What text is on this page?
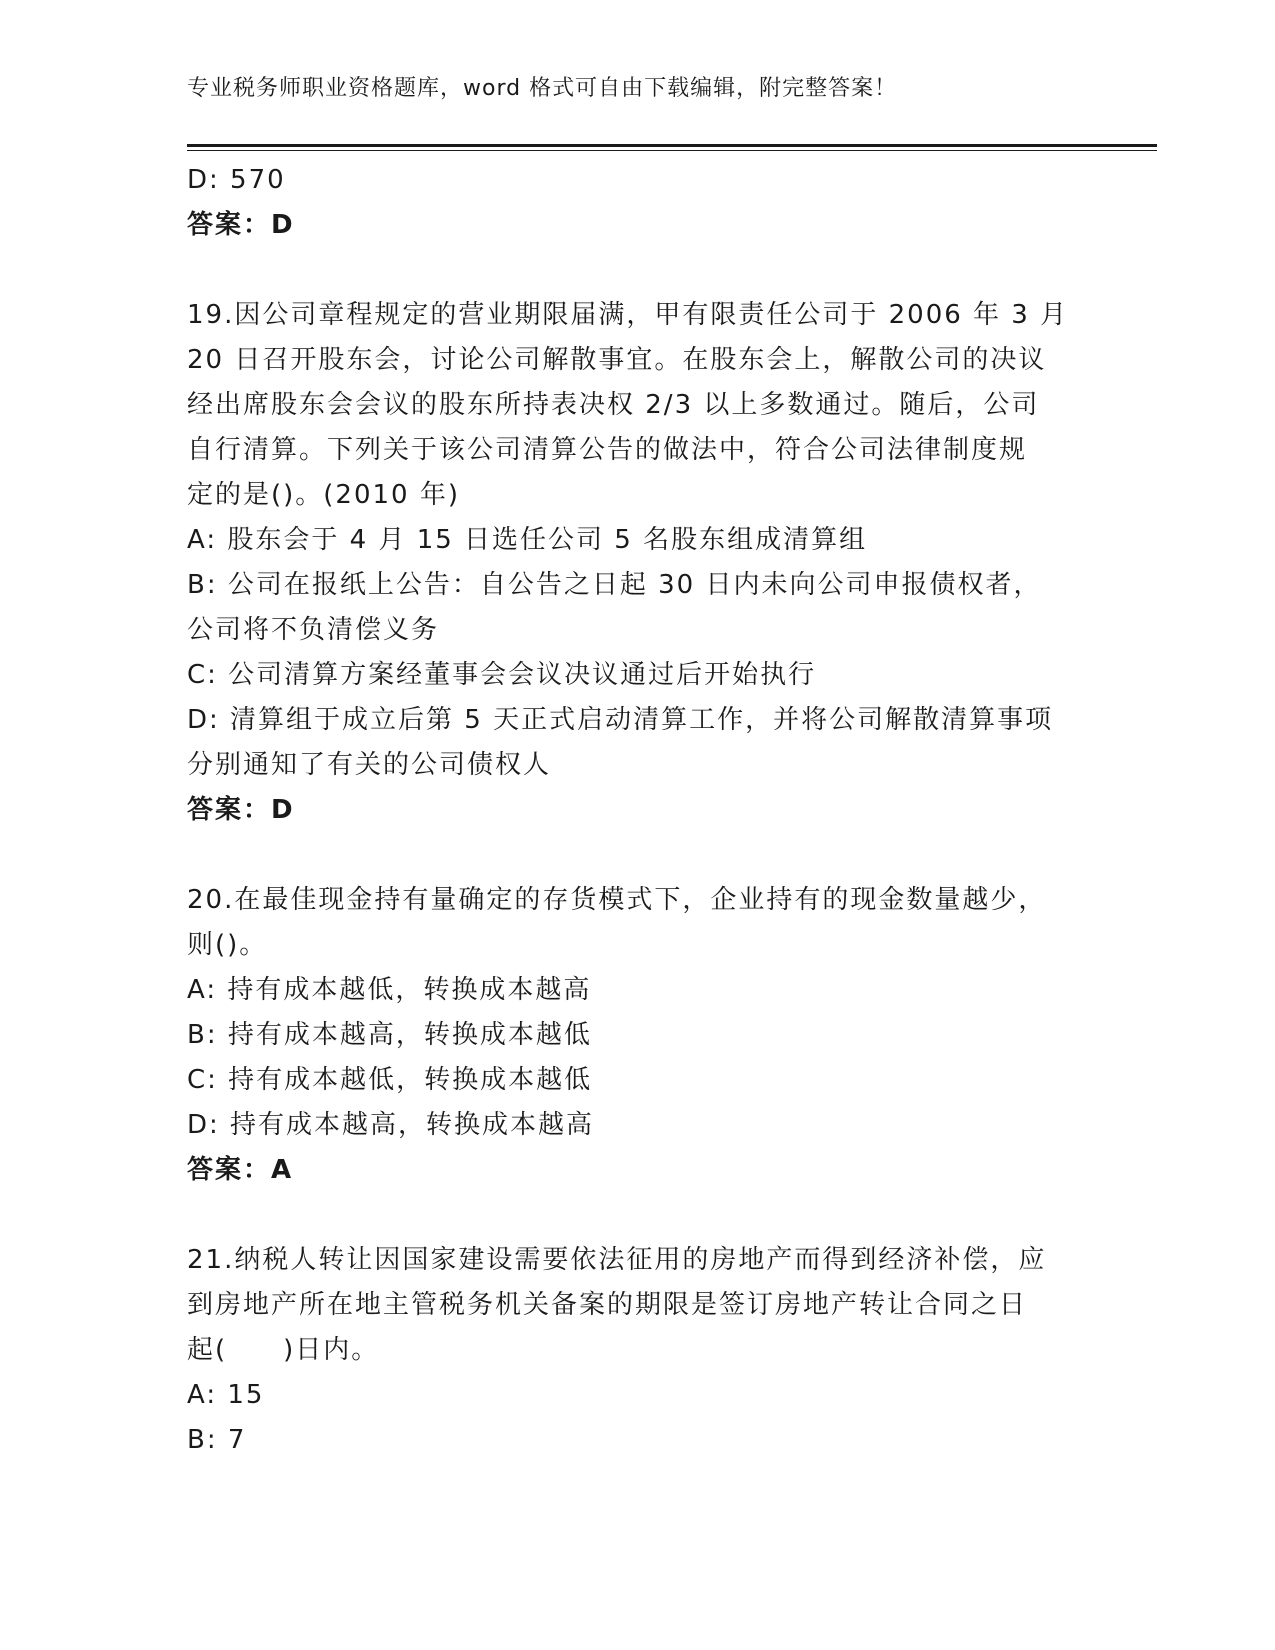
专业税务师职业资格题库，word 格式可自由下载编辑，附完整答案！
D: 570
答案：D
19.因公司章程规定的营业期限届满，甲有限责任公司于 2006 年 3 月
20 日召开股东会，讨论公司解散事宜。在股东会上，解散公司的决议
经出席股东会会议的股东所持表决权 2/3 以上多数通过。随后，公司
自行清算。下列关于该公司清算公告的做法中，符合公司法律制度规
定的是()。(2010 年)
A: 股东会于 4 月 15 日选任公司 5 名股东组成清算组
B: 公司在报纸上公告：自公告之日起 30 日内未向公司申报债权者，
公司将不负清偿义务
C: 公司清算方案经董事会会议决议通过后开始执行
D: 清算组于成立后第 5 天正式启动清算工作，并将公司解散清算事项
分别通知了有关的公司债权人
答案：D
20.在最佳现金持有量确定的存货模式下，企业持有的现金数量越少，
则()。
A: 持有成本越低，转换成本越高
B: 持有成本越高，转换成本越低
C: 持有成本越低，转换成本越低
D: 持有成本越高，转换成本越高
答案：A
21.纳税人转让因国家建设需要依法征用的房地产而得到经济补偿，应
到房地产所在地主管税务机关备案的期限是签订房地产转让合同之日
起(　　)日内。
A: 15
B: 7
